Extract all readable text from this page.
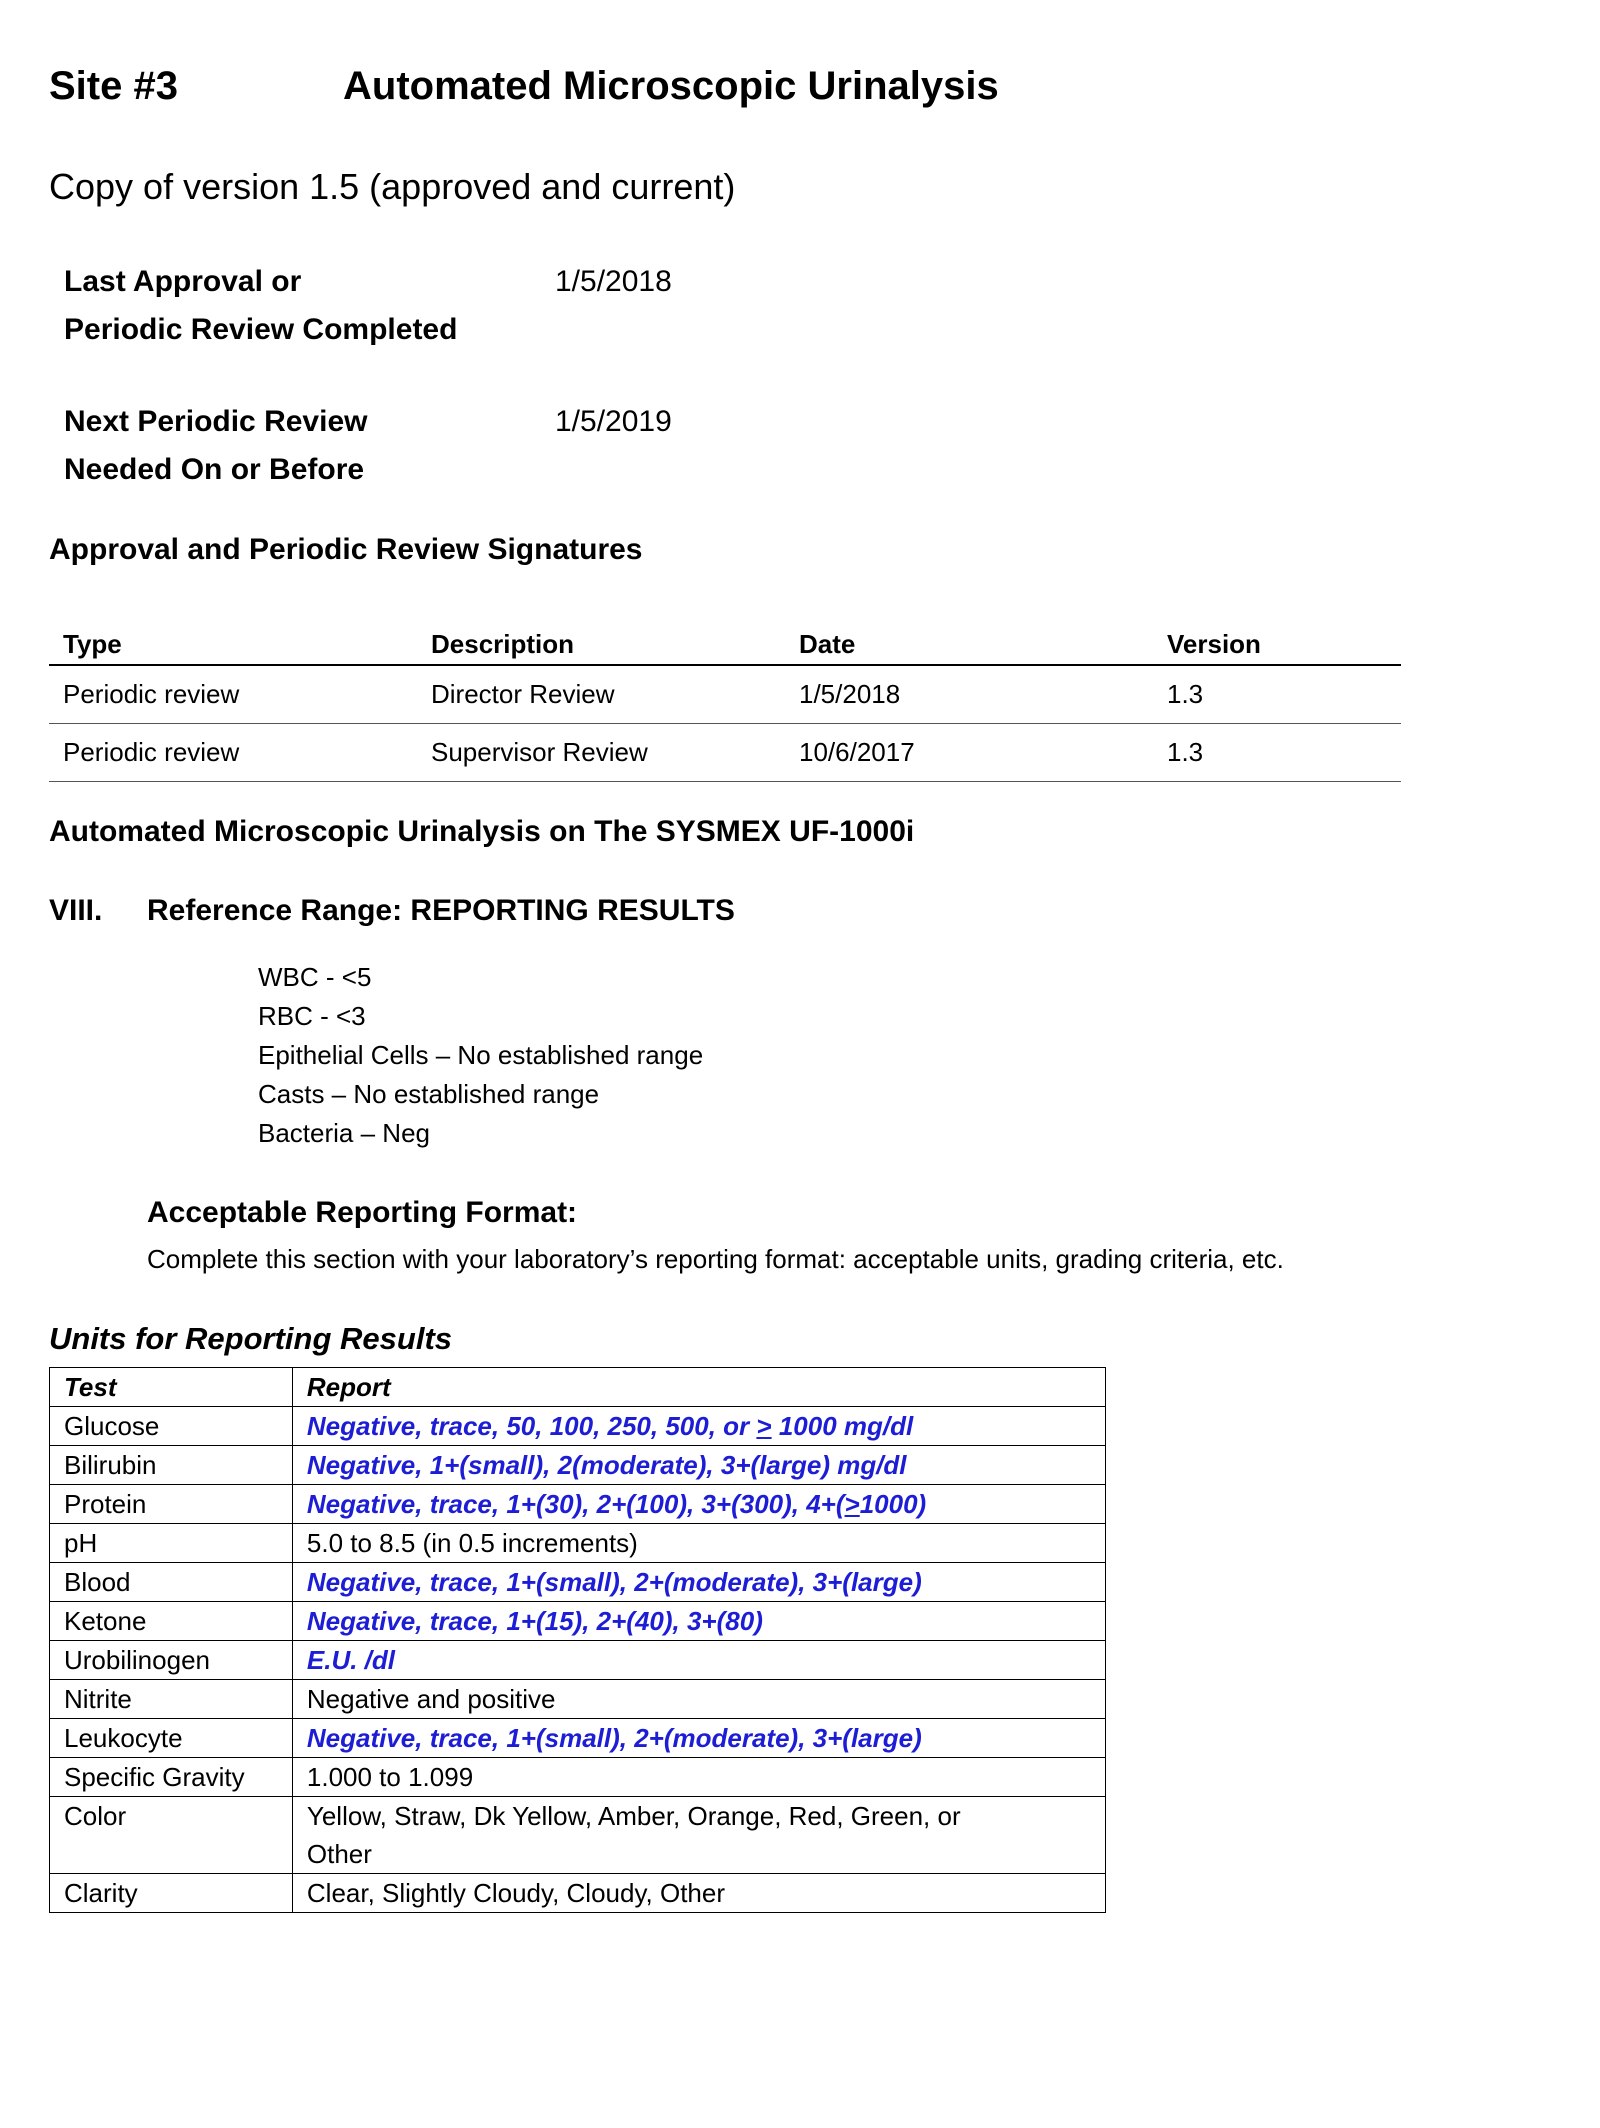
Site #3	Automated Microscopic Urinalysis
Copy of version 1.5 (approved and current)
Last Approval or
Periodic Review Completed
1/5/2018
Next Periodic Review
Needed On or Before
1/5/2019
Approval and Periodic Review Signatures
Type	Description	Date	Version
Periodic review	Director Review	1/5/2018	1.3
Periodic review	Supervisor Review	10/6/2017	1.3
Automated Microscopic Urinalysis on The SYSMEX UF-1000i
VIII. Reference Range: REPORTING RESULTS
WBC - <5
RBC - <3
Epithelial Cells – No established range
Casts – No established range
Bacteria – Neg
Acceptable Reporting Format:
Complete this section with your laboratory’s reporting format: acceptable units, grading criteria, etc.
Units for Reporting Results
Test	Report
Glucose	Negative, trace, 50, 100, 250, 500, or ≥ 1000 mg/dl
Bilirubin	Negative, 1+(small), 2(moderate), 3+(large) mg/dl
Protein	Negative, trace, 1+(30), 2+(100), 3+(300), 4+(≥1000)
pH	5.0 to 8.5 (in 0.5 increments)
Blood	Negative, trace, 1+(small), 2+(moderate), 3+(large)
Ketone	Negative, trace, 1+(15), 2+(40), 3+(80)
Urobilinogen	E.U. /dl
Nitrite	Negative and positive
Leukocyte	Negative, trace, 1+(small), 2+(moderate), 3+(large)
Specific Gravity	1.000 to 1.099
Color	Yellow, Straw, Dk Yellow, Amber, Orange, Red, Green, or
Other

Clarity	Clear, Slightly Cloudy, Cloudy, Other
